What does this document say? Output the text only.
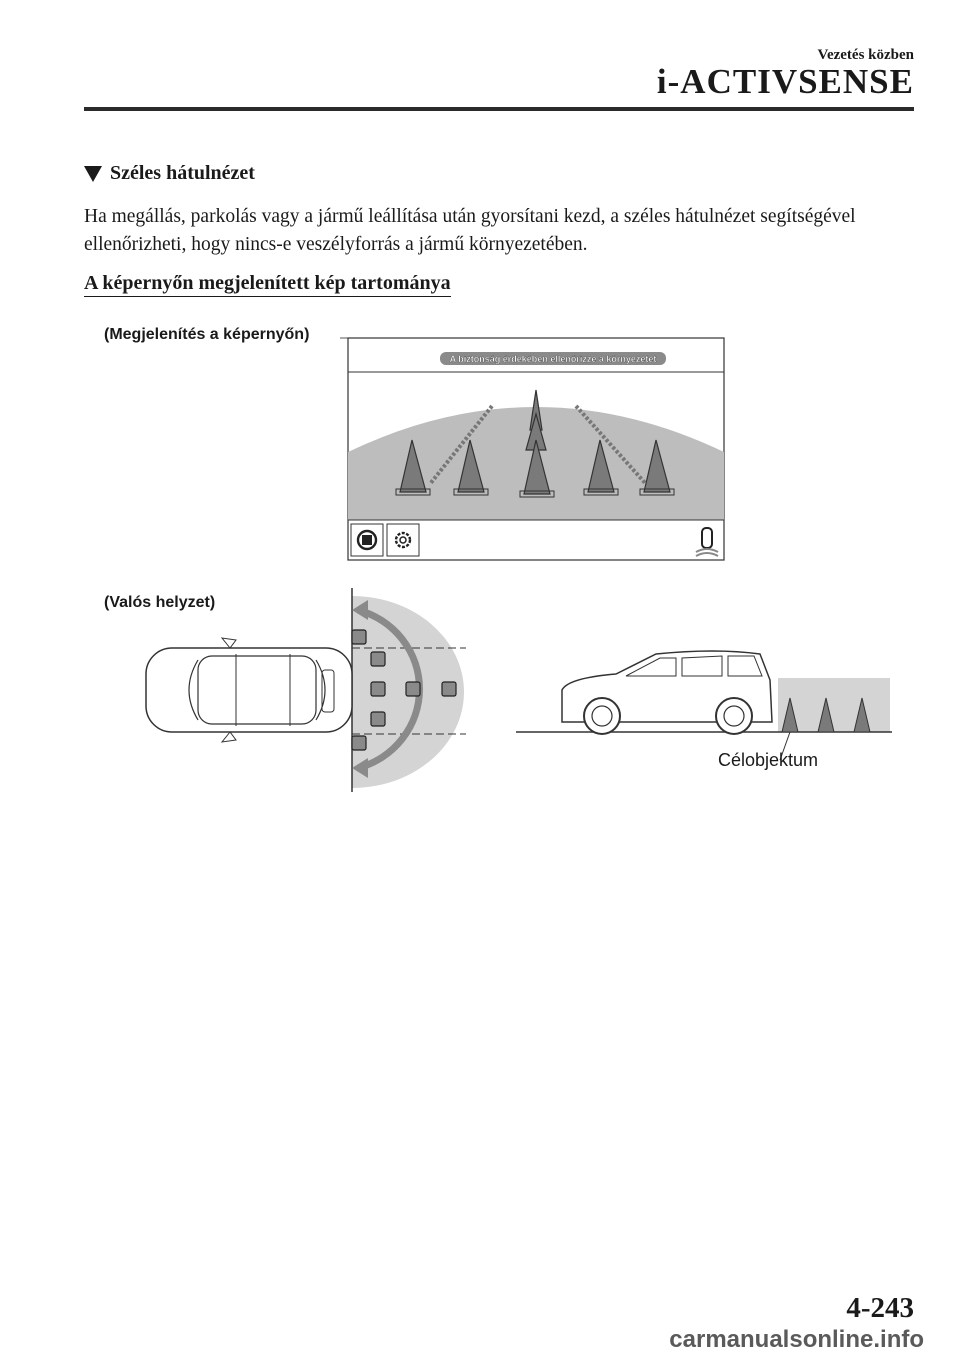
Vezetés közben
i-ACTIVSENSE
Széles hátulnézet
Ha megállás, parkolás vagy a jármű leállítása után gyorsítani kezd, a széles hátulnézet segítségével ellenőrizheti, hogy nincs-e veszélyforrás a jármű környezetében.
A képernyőn megjelenített kép tartománya
(Megjelenítés a képernyőn)
(Valós helyzet)
A biztonság érdekében ellenőrizze a környezetet
Célobjektum
4-243
carmanualsonline.info
